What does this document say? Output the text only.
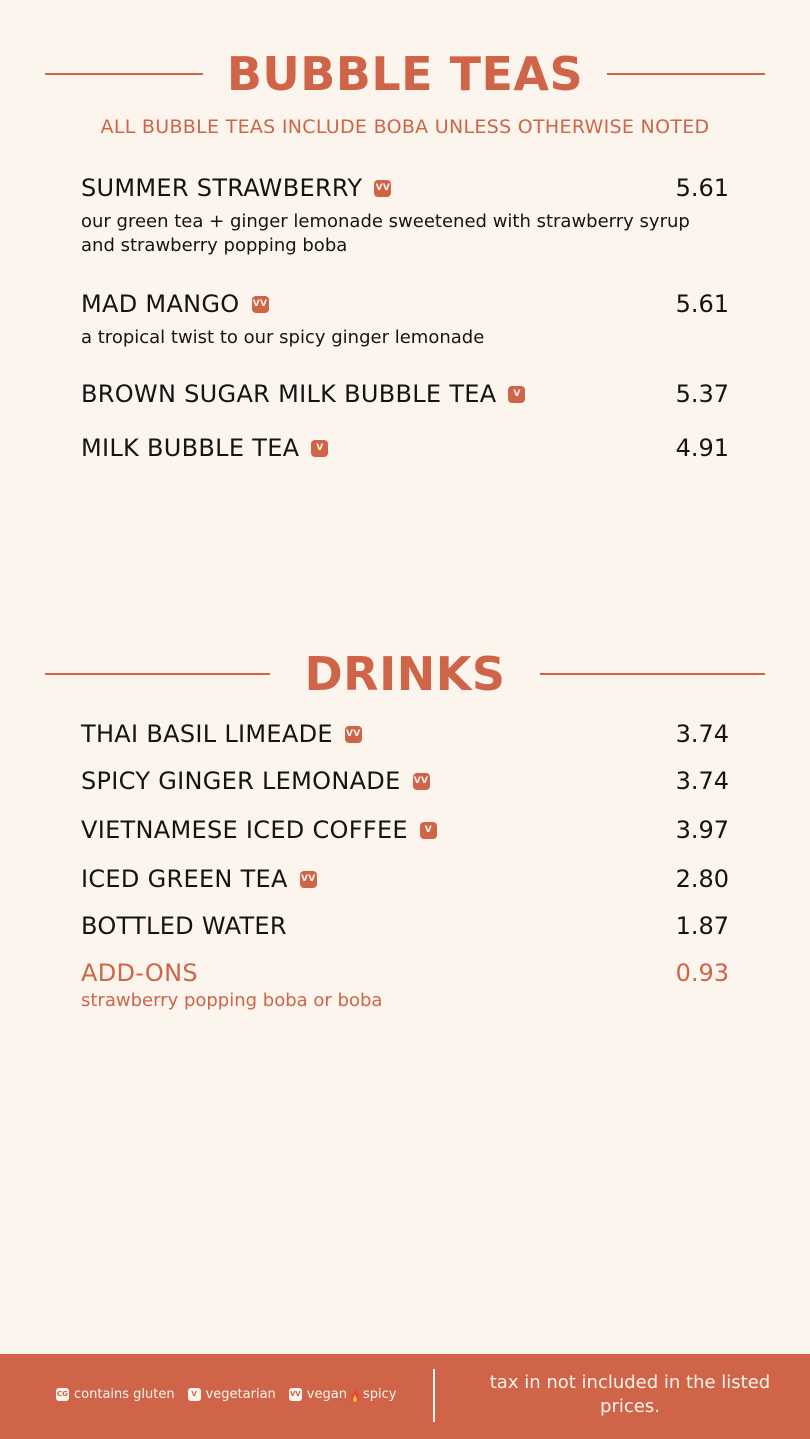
BUBBLE TEAS
ALL BUBBLE TEAS INCLUDE BOBA UNLESS OTHERWISE NOTED
SUMMER STRAWBERRY VV	5.61
our green tea + ginger lemonade sweetened with strawberry syrup and strawberry popping boba
MAD MANGO VV	5.61
a tropical twist to our spicy ginger lemonade
BROWN SUGAR MILK BUBBLE TEA	V	5.37
MILK BUBBLE TEA	V	4.91
DRINKS
THAI BASIL LIMEADE VV	3.74
SPICY GINGER LEMONADE VV	3.74
VIETNAMESE ICED COFFEE	V	3.97
ICED GREEN TEA VV	2.80
BOTTLED WATER	1.87
ADD-ONS	0.93
strawberry popping boba or boba
CG contains gluten	V vegetarian VV vegan spicy
tax in not included in the listed prices.
